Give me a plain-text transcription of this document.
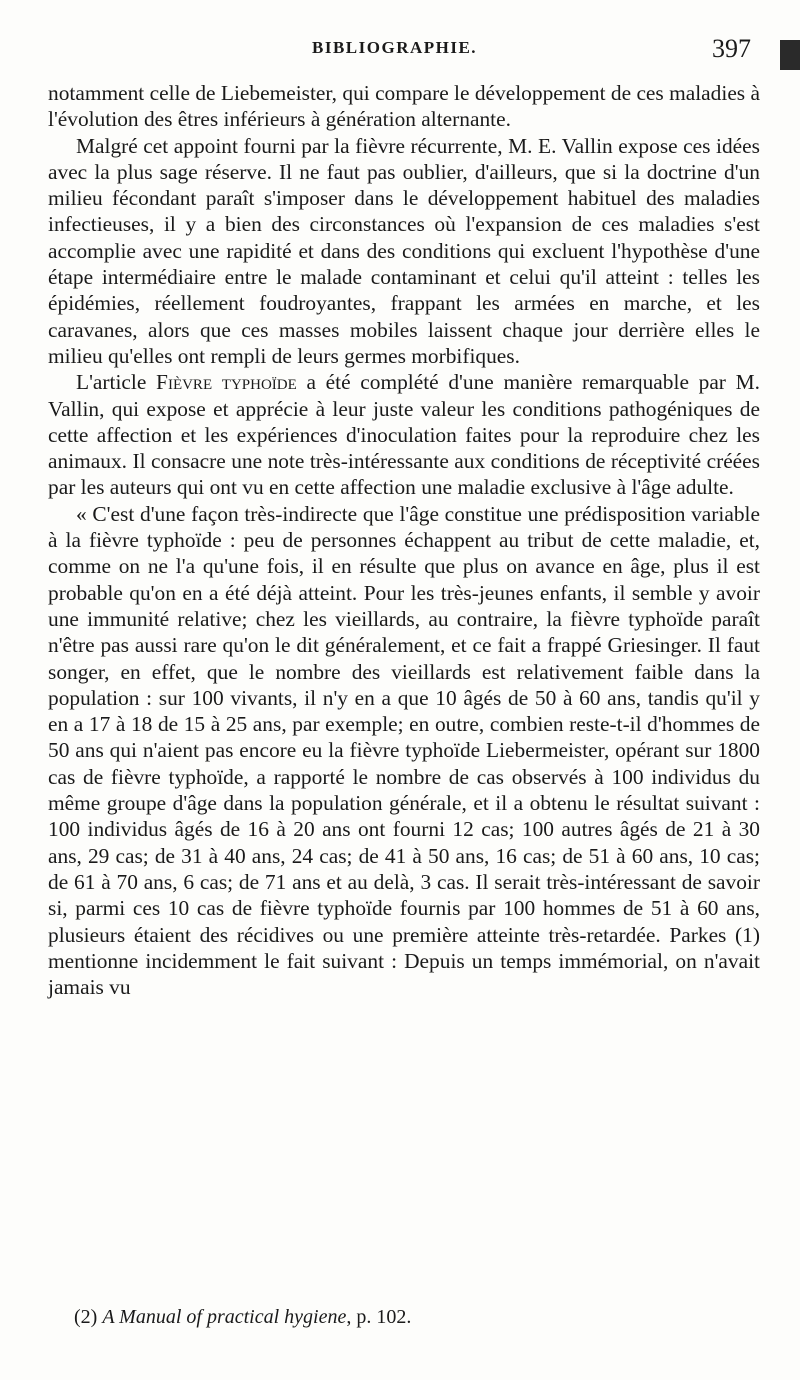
BIBLIOGRAPHIE.	397

notamment celle de Liebemeister, qui compare le développement de ces maladies à l'évolution des êtres inférieurs à génération alternante.

Malgré cet appoint fourni par la fièvre récurrente, M. E. Vallin expose ces idées avec la plus sage réserve. Il ne faut pas oublier, d'ailleurs, que si la doctrine d'un milieu fécondant paraît s'imposer dans le développement habituel des maladies infectieuses, il y a bien des circonstances où l'expansion de ces maladies s'est accomplie avec une rapidité et dans des conditions qui excluent l'hypothèse d'une étape intermédiaire entre le malade contaminant et celui qu'il atteint : telles les épidémies, réellement foudroyantes, frappant les armées en marche, et les caravanes, alors que ces masses mobiles laissent chaque jour derrière elles le milieu qu'elles ont rempli de leurs germes morbifiques.

L'article Fièvre typhoïde a été complété d'une manière remarquable par M. Vallin, qui expose et apprécie à leur juste valeur les conditions pathogéniques de cette affection et les expériences d'inoculation faites pour la reproduire chez les animaux. Il consacre une note très-intéressante aux conditions de réceptivité créées par les auteurs qui ont vu en cette affection une maladie exclusive à l'âge adulte.

« C'est d'une façon très-indirecte que l'âge constitue une prédisposition variable à la fièvre typhoïde : peu de personnes échappent au tribut de cette maladie, et, comme on ne l'a qu'une fois, il en résulte que plus on avance en âge, plus il est probable qu'on en a été déjà atteint. Pour les très-jeunes enfants, il semble y avoir une immunité relative; chez les vieillards, au contraire, la fièvre typhoïde paraît n'être pas aussi rare qu'on le dit généralement, et ce fait a frappé Griesinger. Il faut songer, en effet, que le nombre des vieillards est relativement faible dans la population : sur 100 vivants, il n'y en a que 10 âgés de 50 à 60 ans, tandis qu'il y en a 17 à 18 de 15 à 25 ans, par exemple; en outre, combien reste-t-il d'hommes de 50 ans qui n'aient pas encore eu la fièvre typhoïde Liebermeister, opérant sur 1800 cas de fièvre typhoïde, a rapporté le nombre de cas observés à 100 individus du même groupe d'âge dans la population générale, et il a obtenu le résultat suivant : 100 individus âgés de 16 à 20 ans ont fourni 12 cas; 100 autres âgés de 21 à 30 ans, 29 cas; de 31 à 40 ans, 24 cas; de 41 à 50 ans, 16 cas; de 51 à 60 ans, 10 cas; de 61 à 70 ans, 6 cas; de 71 ans et au delà, 3 cas. Il serait très-intéressant de savoir si, parmi ces 10 cas de fièvre typhoïde fournis par 100 hommes de 51 à 60 ans, plusieurs étaient des récidives ou une première atteinte très-retardée. Parkes (1) mentionne incidemment le fait suivant : Depuis un temps immémorial, on n'avait jamais vu

(2) A Manual of practical hygiene, p. 102.
